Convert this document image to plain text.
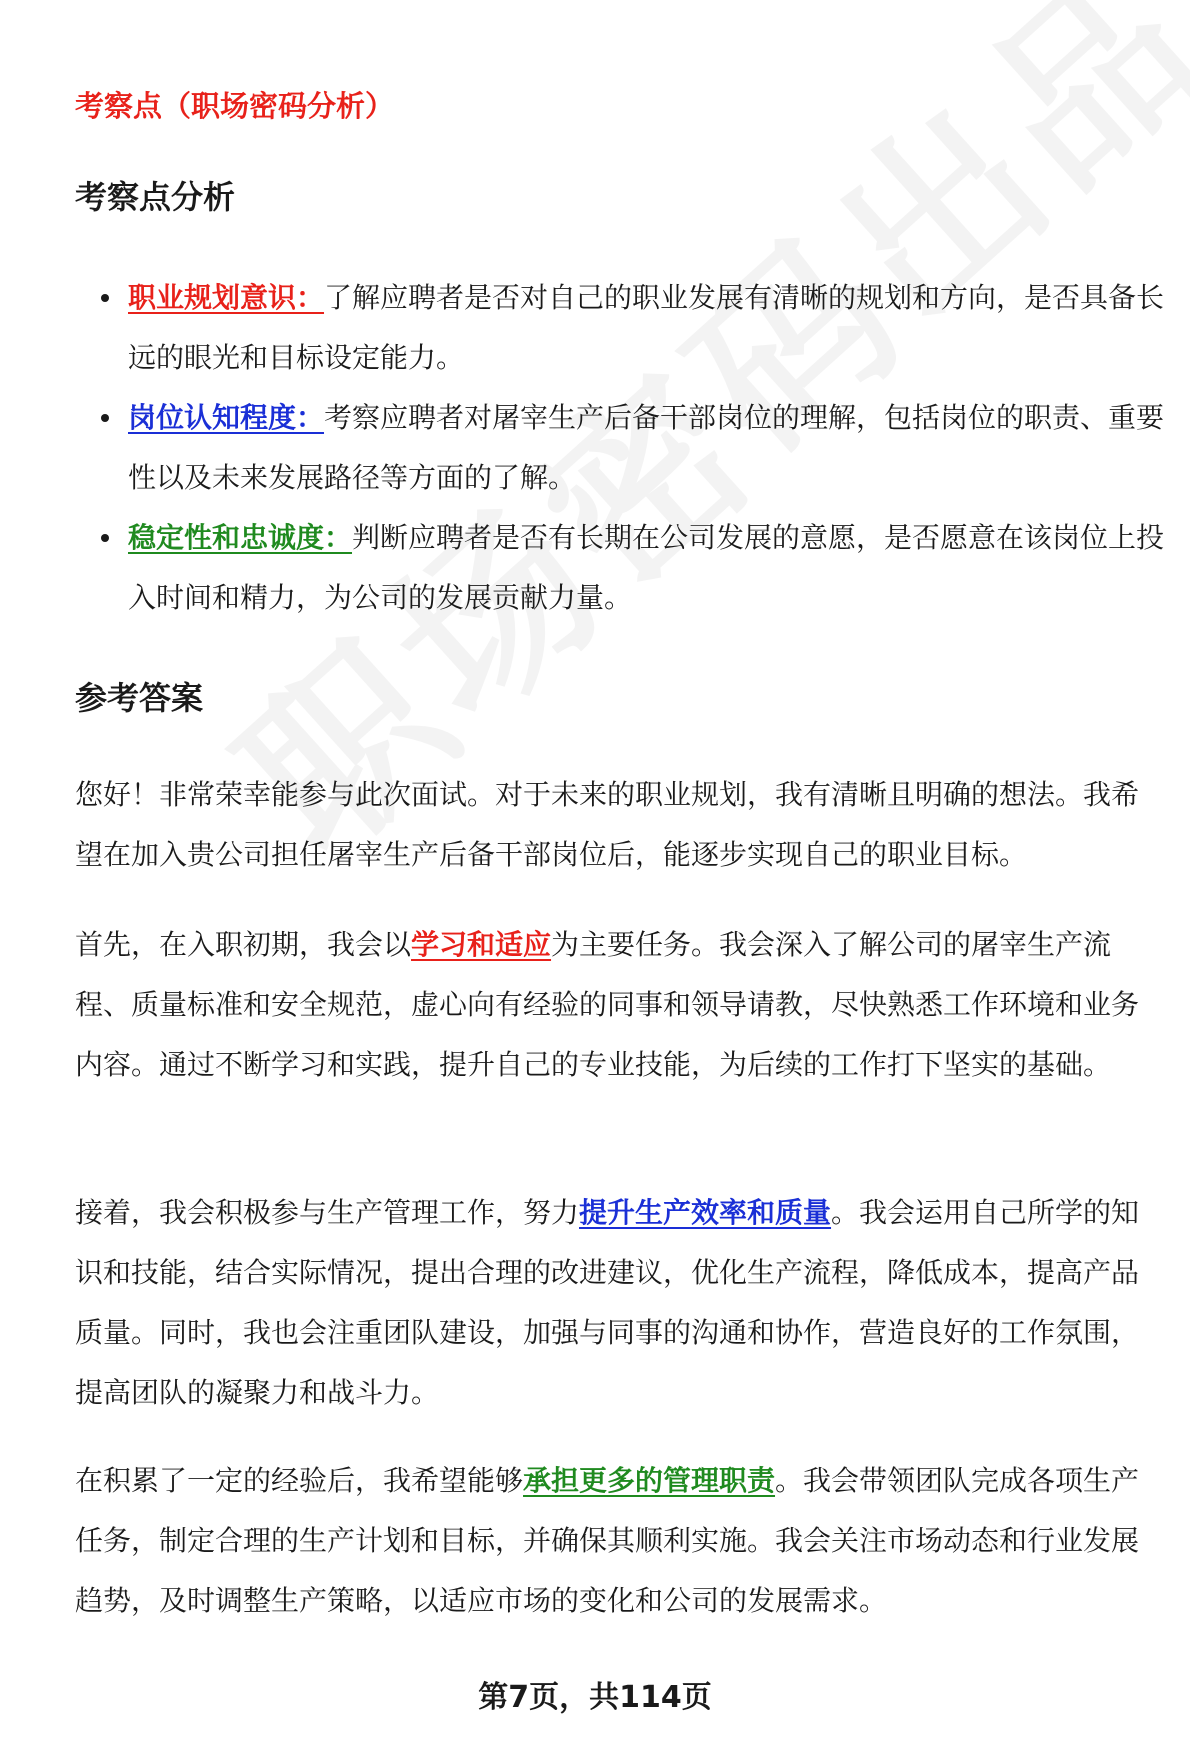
考察点（职场密码分析）
考察点分析
职业规划意识：了解应聘者是否对自己的职业发展有清晰的规划和方向，是否具备长远的眼光和目标设定能力。
岗位认知程度：考察应聘者对屠宰生产后备干部岗位的理解，包括岗位的职责、重要性以及未来发展路径等方面的了解。
稳定性和忠诚度：判断应聘者是否有长期在公司发展的意愿，是否愿意在该岗位上投入时间和精力，为公司的发展贡献力量。
参考答案

您好！非常荣幸能参与此次面试。对于未来的职业规划，我有清晰且明确的想法。我希望在加入贵公司担任屠宰生产后备干部岗位后，能逐步实现自己的职业目标。

首先，在入职初期，我会以学习和适应为主要任务。我会深入了解公司的屠宰生产流程、质量标准和安全规范，虚心向有经验的同事和领导请教，尽快熟悉工作环境和业务内容。通过不断学习和实践，提升自己的专业技能，为后续的工作打下坚实的基础。

接着，我会积极参与生产管理工作，努力提升生产效率和质量。我会运用自己所学的知识和技能，结合实际情况，提出合理的改进建议，优化生产流程，降低成本，提高产品质量。同时，我也会注重团队建设，加强与同事的沟通和协作，营造良好的工作氛围，提高团队的凝聚力和战斗力。

在积累了一定的经验后，我希望能够承担更多的管理职责。我会带领团队完成各项生产任务，制定合理的生产计划和目标，并确保其顺利实施。我会关注市场动态和行业发展趋势，及时调整生产策略，以适应市场的变化和公司的发展需求。

第7页，共114页
